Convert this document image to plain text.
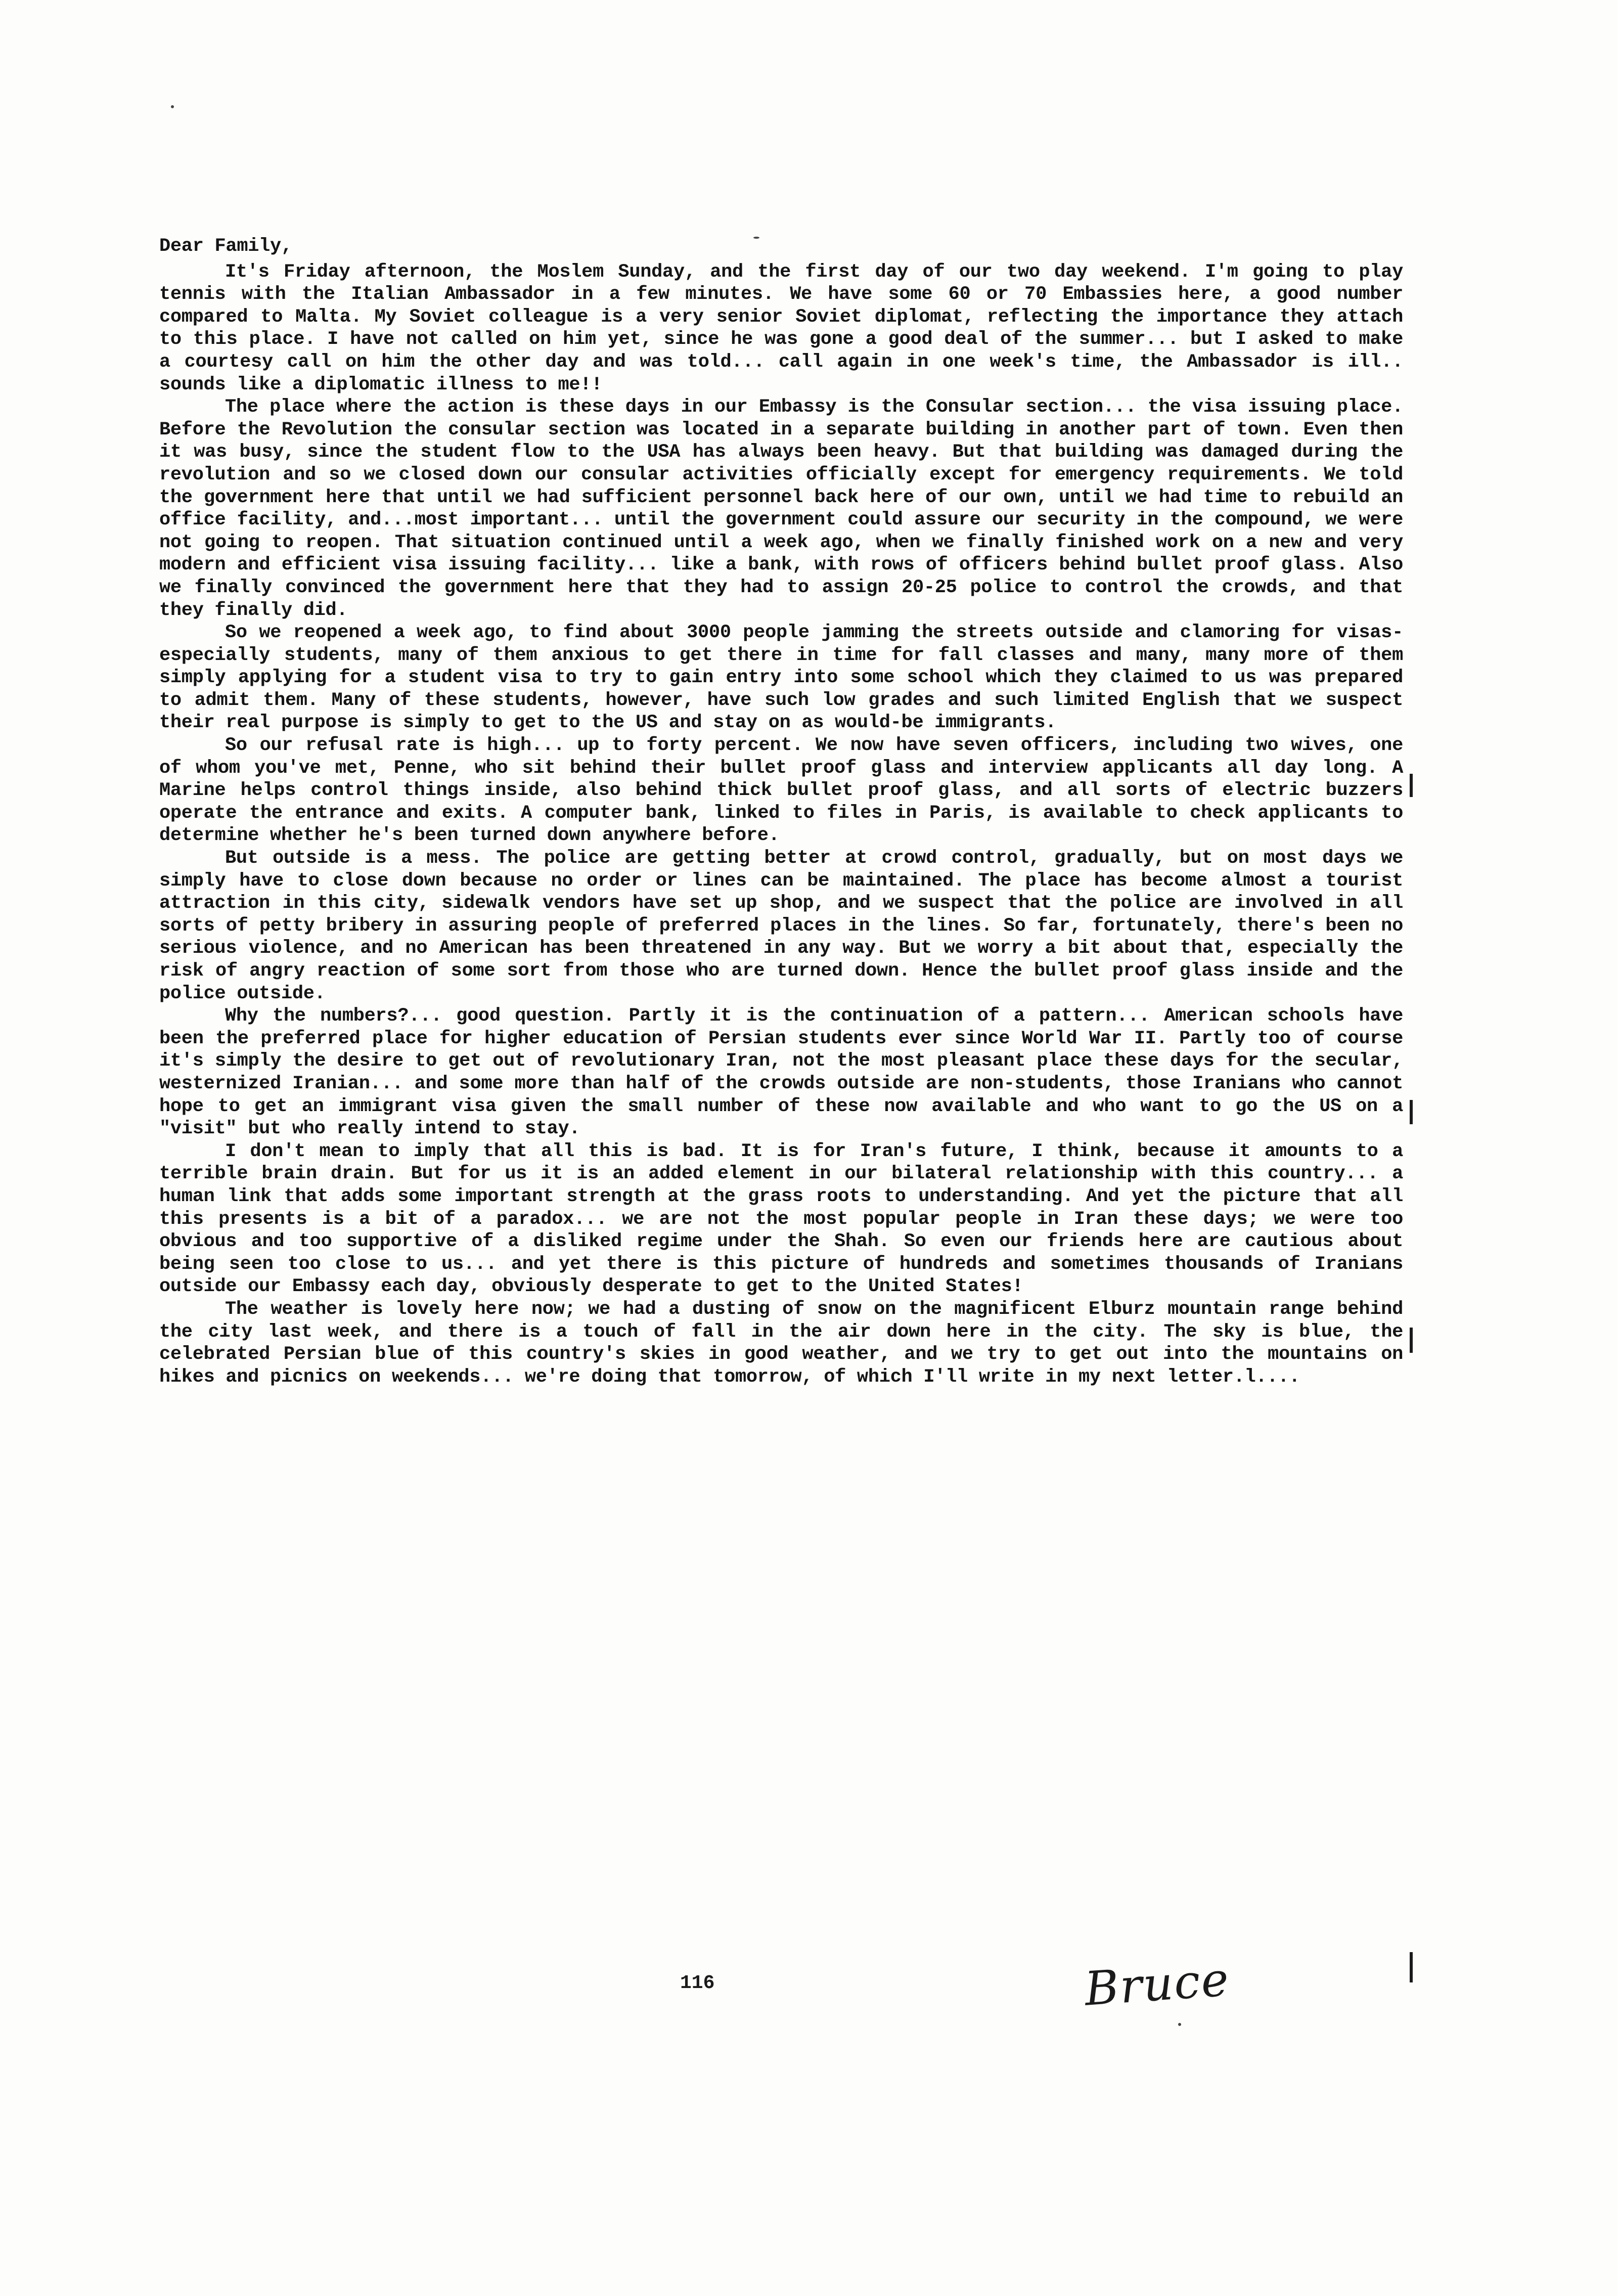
Dear Family,

It's Friday afternoon, the Moslem Sunday, and the first day of our two day weekend. I'm going to play tennis with the Italian Ambassador in a few minutes. We have some 60 or 70 Embassies here, a good number compared to Malta. My Soviet colleague is a very senior Soviet diplomat, reflecting the importance they attach to this place. I have not called on him yet, since he was gone a good deal of the summer... but I asked to make a courtesy call on him the other day and was told... call again in one week's time, the Ambassador is ill.. sounds like a diplomatic illness to me!!

The place where the action is these days in our Embassy is the Consular section... the visa issuing place. Before the Revolution the consular section was located in a separate building in another part of town. Even then it was busy, since the student flow to the USA has always been heavy. But that building was damaged during the revolution and so we closed down our consular activities officially except for emergency requirements. We told the government here that until we had sufficient personnel back here of our own, until we had time to rebuild an office facility, and...most important... until the government could assure our security in the compound, we were not going to reopen. That situation continued until a week ago, when we finally finished work on a new and very modern and efficient visa issuing facility... like a bank, with rows of officers behind bullet proof glass. Also we finally convinced the government here that they had to assign 20-25 police to control the crowds, and that they finally did.

So we reopened a week ago, to find about 3000 people jamming the streets outside and clamoring for visas- especially students, many of them anxious to get there in time for fall classes and many, many more of them simply applying for a student visa to try to gain entry into some school which they claimed to us was prepared to admit them. Many of these students, however, have such low grades and such limited English that we suspect their real purpose is simply to get to the US and stay on as would-be immigrants.

So our refusal rate is high... up to forty percent. We now have seven officers, including two wives, one of whom you've met, Penne, who sit behind their bullet proof glass and interview applicants all day long. A Marine helps control things inside, also behind thick bullet proof glass, and all sorts of electric buzzers operate the entrance and exits. A computer bank, linked to files in Paris, is available to check applicants to determine whether he's been turned down anywhere before.

But outside is a mess. The police are getting better at crowd control, gradually, but on most days we simply have to close down because no order or lines can be maintained. The place has become almost a tourist attraction in this city, sidewalk vendors have set up shop, and we suspect that the police are involved in all sorts of petty bribery in assuring people of preferred places in the lines. So far, fortunately, there's been no serious violence, and no American has been threatened in any way. But we worry a bit about that, especially the risk of angry reaction of some sort from those who are turned down. Hence the bullet proof glass inside and the police outside.

Why the numbers?... good question. Partly it is the continuation of a pattern... American schools have been the preferred place for higher education of Persian students ever since World War II. Partly too of course it's simply the desire to get out of revolutionary Iran, not the most pleasant place these days for the secular, westernized Iranian... and some more than half of the crowds outside are non-students, those Iranians who cannot hope to get an immigrant visa given the small number of these now available and who want to go the US on a "visit" but who really intend to stay.

I don't mean to imply that all this is bad. It is for Iran's future, I think, because it amounts to a terrible brain drain. But for us it is an added element in our bilateral relationship with this country... a human link that adds some important strength at the grass roots to understanding. And yet the picture that all this presents is a bit of a paradox... we are not the most popular people in Iran these days; we were too obvious and too supportive of a disliked regime under the Shah. So even our friends here are cautious about being seen too close to us... and yet there is this picture of hundreds and sometimes thousands of Iranians outside our Embassy each day, obviously desperate to get to the United States!

The weather is lovely here now; we had a dusting of snow on the magnificent Elburz mountain range behind the city last week, and there is a touch of fall in the air down here in the city. The sky is blue, the celebrated Persian blue of this country's skies in good weather, and we try to get out into the mountains on hikes and picnics on weekends... we're doing that tomorrow, of which I'll write in my next letter.l....

116	Bruce
